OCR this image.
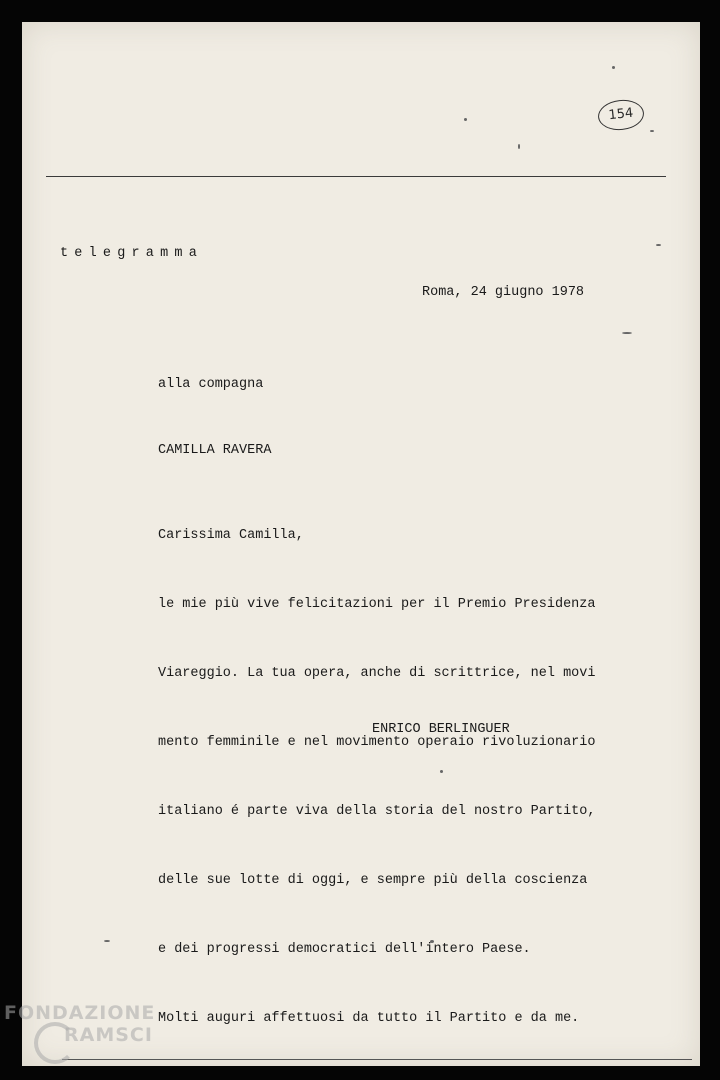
154
telegramma
Roma, 24 giugno 1978

alla compagna

CAMILLA RAVERA

Carissima Camilla,

le mie più vive felicitazioni per il Premio Presidenza

Viareggio. La tua opera, anche di scrittrice, nel movi

mento femminile e nel movimento operaio rivoluzionario

italiano é parte viva della storia del nostro Partito,

delle sue lotte di oggi, e sempre più della coscienza

e dei progressi democratici dell'intero Paese.

Molti auguri affettuosi da tutto il Partito e da me.

ENRICO BERLINGUER
FONDAZIONE
RAMSCI
